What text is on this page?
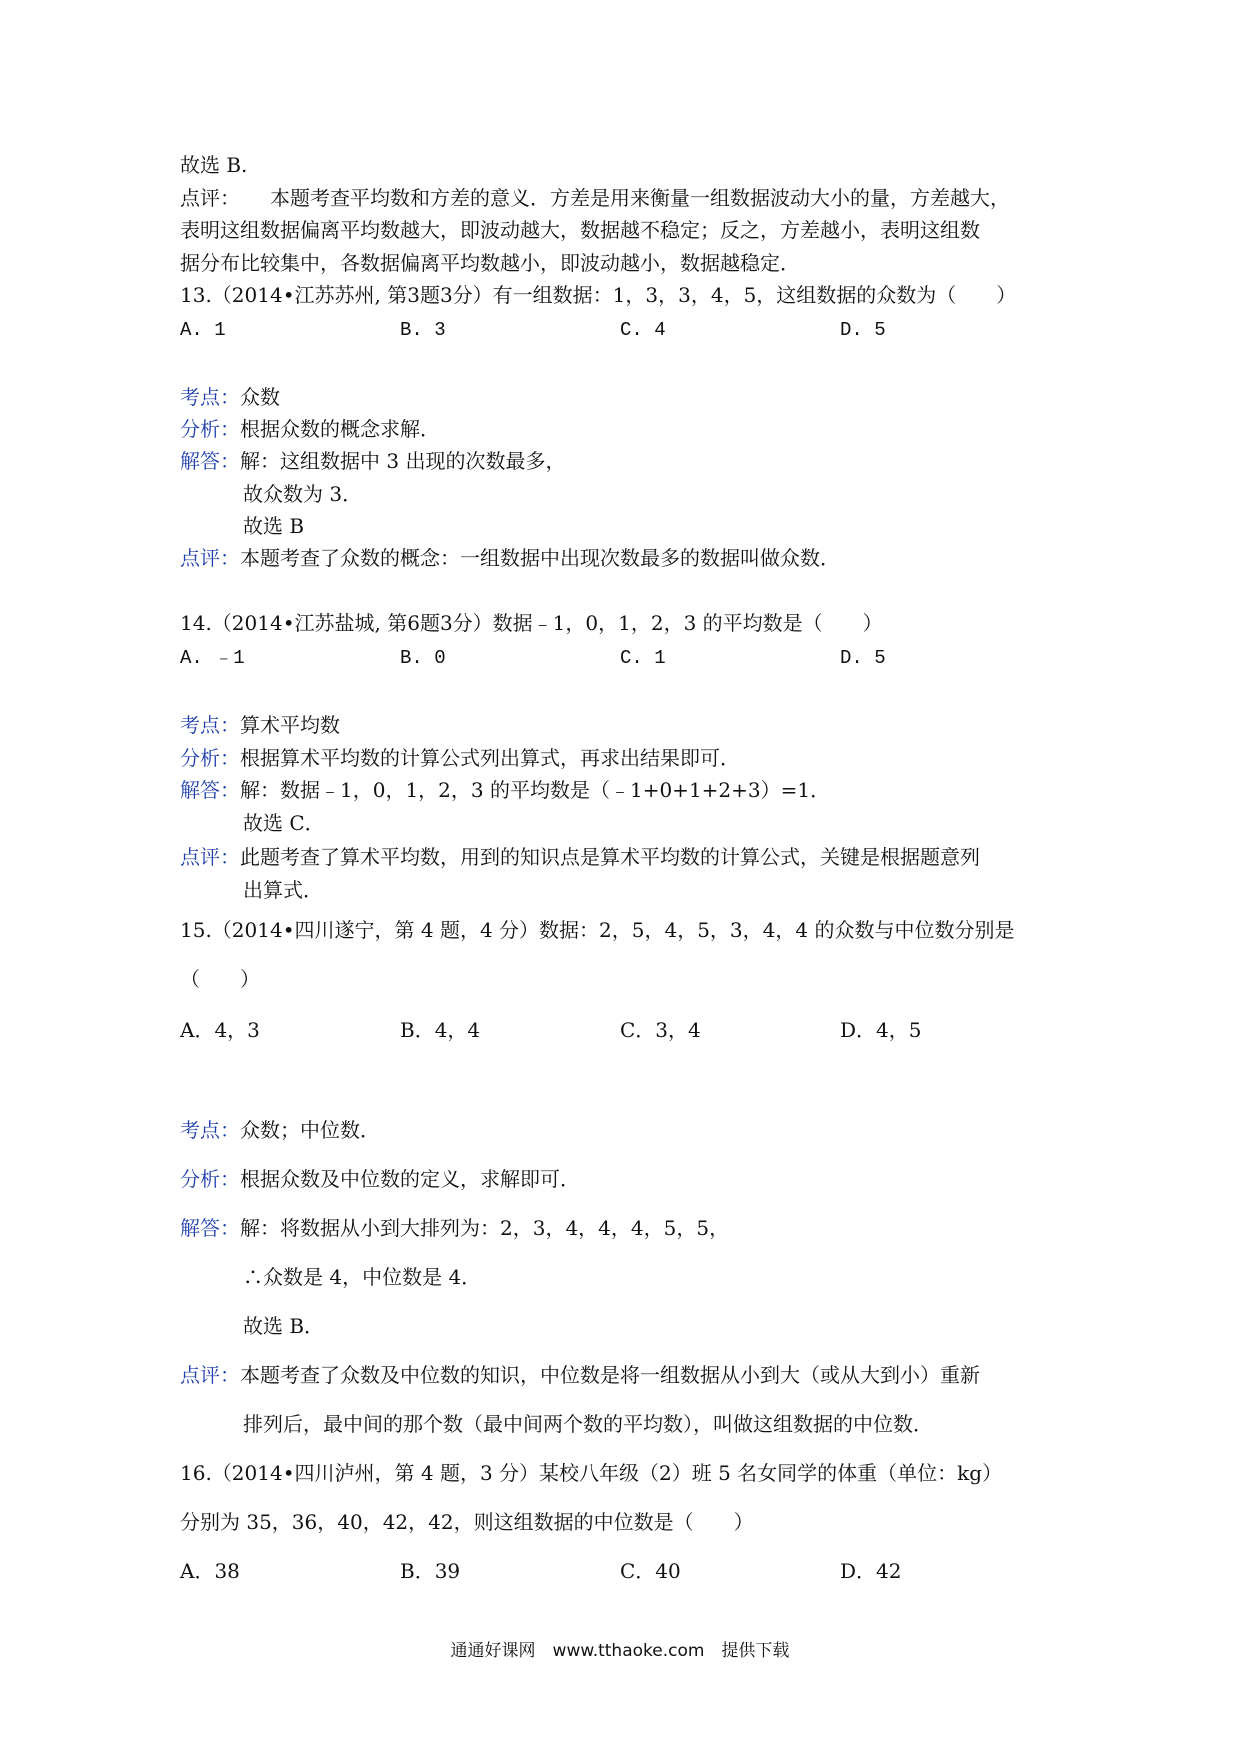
故选 B.
点评：　　本题考查平均数和方差的意义．方差是用来衡量一组数据波动大小的量，方差越大，
表明这组数据偏离平均数越大，即波动越大，数据越不稳定；反之，方差越小，表明这组数
据分布比较集中，各数据偏离平均数越小，即波动越小，数据越稳定．
13.（2014•江苏苏州, 第3题3分）有一组数据：1，3，3，4，5，这组数据的众数为（　　）
A. 1	B. 3	C. 4	D. 5
考点：众数
分析：根据众数的概念求解．
解答：解：这组数据中 3 出现的次数最多，
故众数为 3．
故选 B
点评：本题考查了众数的概念：一组数据中出现次数最多的数据叫做众数．
14.（2014•江苏盐城, 第6题3分）数据﹣1，0，1，2，3 的平均数是（　　）
A. ﹣1	B. 0	C. 1	D. 5
考点：算术平均数
分析：根据算术平均数的计算公式列出算式，再求出结果即可．
解答：解：数据﹣1，0，1，2，3 的平均数是（﹣1+0+1+2+3）=1．
故选 C．
点评：此题考查了算术平均数，用到的知识点是算术平均数的计算公式，关键是根据题意列
出算式．
15.（2014•四川遂宁，第 4 题，4 分）数据：2，5，4，5，3，4，4 的众数与中位数分别是
（　　）
A．4，3	B．4，4	C．3，4	D．4，5
考点：众数；中位数．
分析：根据众数及中位数的定义，求解即可．
解答：解：将数据从小到大排列为：2，3，4，4，4，5，5，
∴众数是 4，中位数是 4．
故选 B．
点评：本题考查了众数及中位数的知识，中位数是将一组数据从小到大（或从大到小）重新
排列后，最中间的那个数（最中间两个数的平均数），叫做这组数据的中位数．
16.（2014•四川泸州，第 4 题，3 分）某校八年级（2）班 5 名女同学的体重（单位：kg）
分别为 35，36，40，42，42，则这组数据的中位数是（　　）
A．38	B．39	C．40	D．42
通通好课网　www.tthaoke.com　提供下载
